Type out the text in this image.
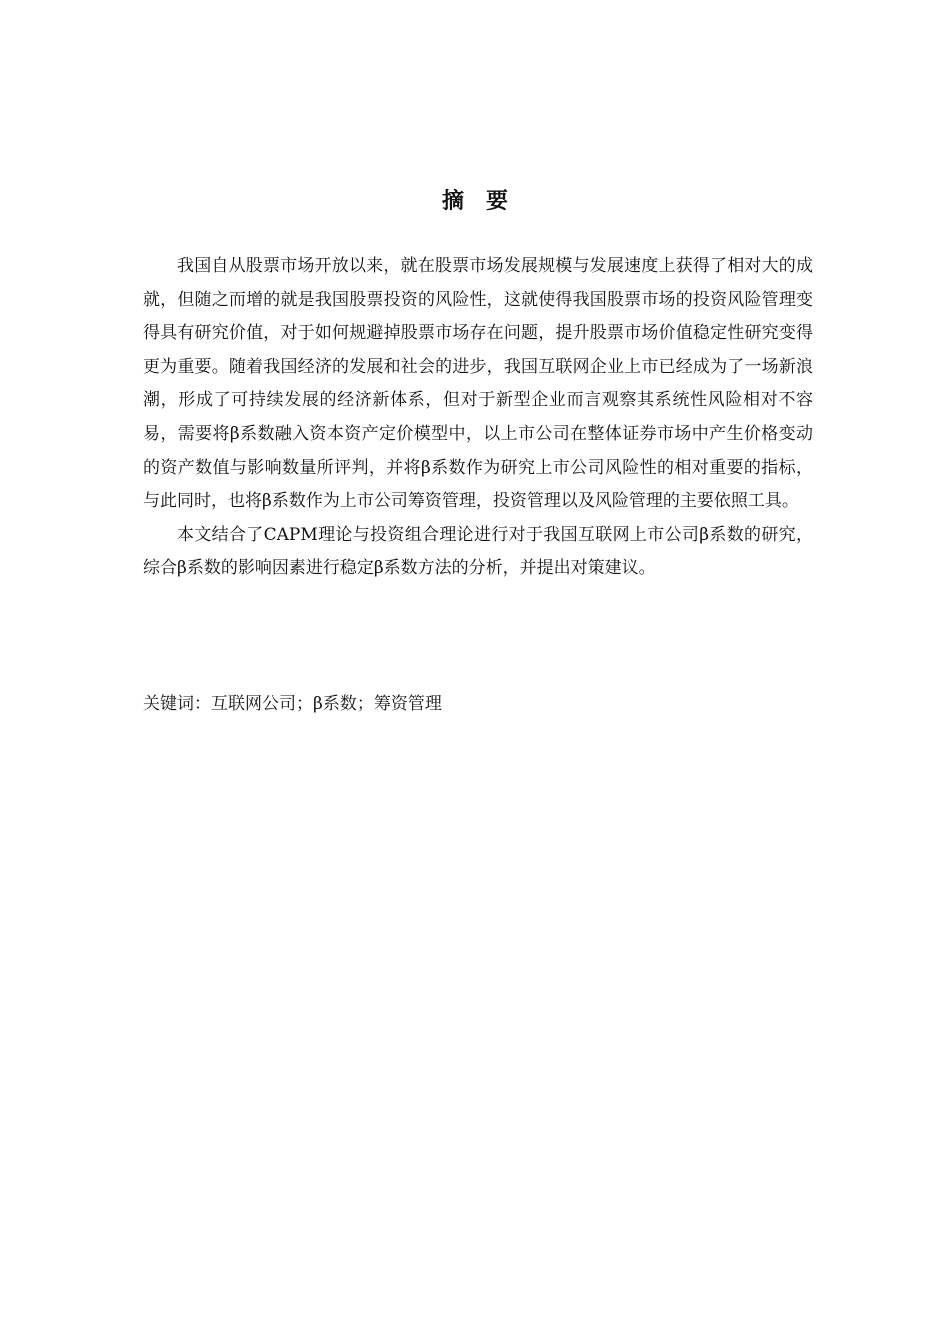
摘 要

我国自从股票市场开放以来，就在股票市场发展规模与发展速度上获得了相对大的成就，但随之而增的就是我国股票投资的风险性，这就使得我国股票市场的投资风险管理变得具有研究价值，对于如何规避掉股票市场存在问题，提升股票市场价值稳定性研究变得更为重要。随着我国经济的发展和社会的进步，我国互联网企业上市已经成为了一场新浪潮，形成了可持续发展的经济新体系，但对于新型企业而言观察其系统性风险相对不容易，需要将β系数融入资本资产定价模型中，以上市公司在整体证券市场中产生价格变动的资产数值与影响数量所评判，并将β系数作为研究上市公司风险性的相对重要的指标，与此同时，也将β系数作为上市公司筹资管理，投资管理以及风险管理的主要依照工具。

本文结合了CAPM理论与投资组合理论进行对于我国互联网上市公司β系数的研究，综合β系数的影响因素进行稳定β系数方法的分析，并提出对策建议。

关键词：互联网公司；β系数；筹资管理
